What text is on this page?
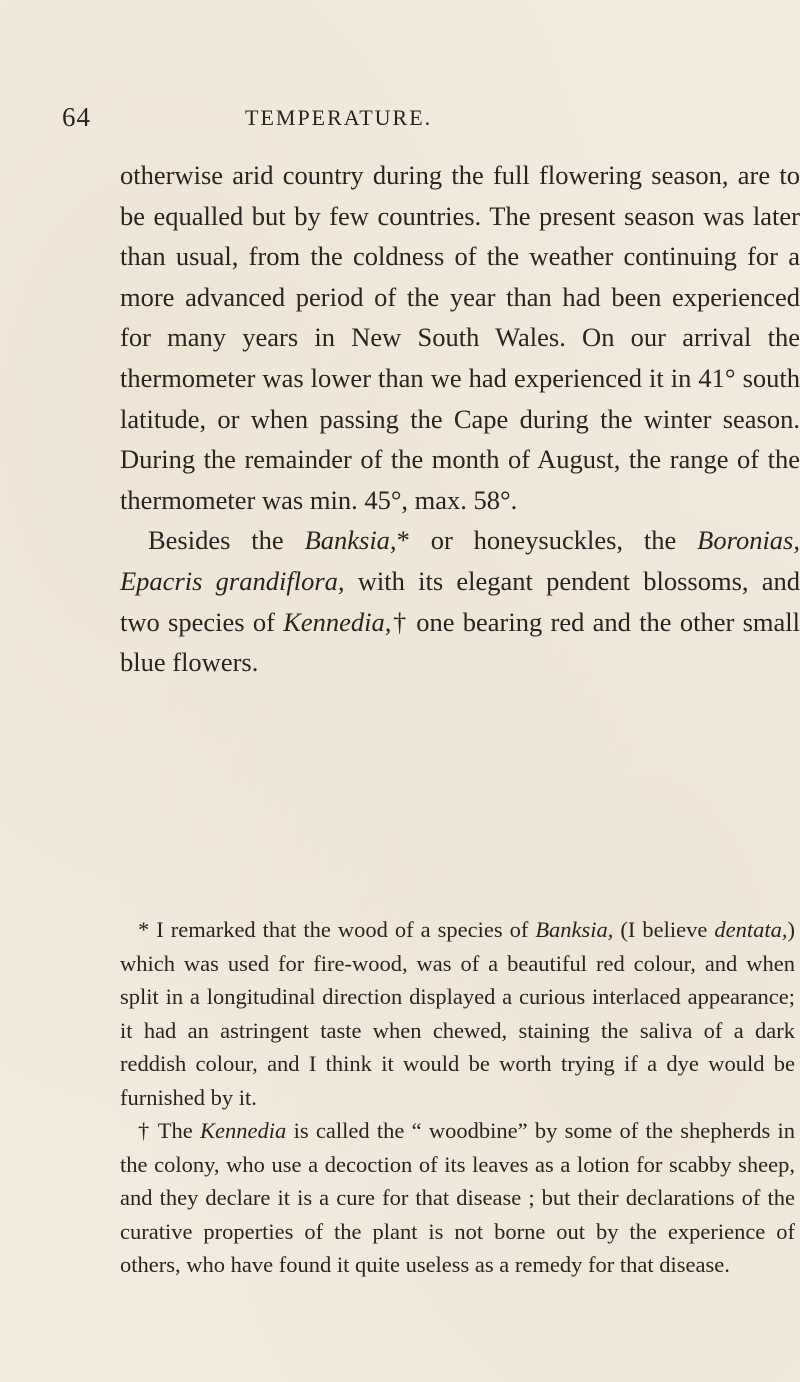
64	TEMPERATURE.

otherwise arid country during the full flowering season, are to be equalled but by few countries. The present season was later than usual, from the coldness of the weather continuing for a more advanced period of the year than had been experienced for many years in New South Wales. On our arrival the thermometer was lower than we had experienced it in 41° south latitude, or when passing the Cape during the winter season. During the remainder of the month of August, the range of the thermometer was min. 45°, max. 58°.

Besides the Banksia,* or honeysuckles, the Boronias, Epacris grandiflora, with its elegant pendent blossoms, and two species of Kennedia,† one bearing red and the other small blue flowers.

* I remarked that the wood of a species of Banksia, (I believe dentata,) which was used for fire-wood, was of a beautiful red colour, and when split in a longitudinal direction displayed a curious interlaced appearance; it had an astringent taste when chewed, staining the saliva of a dark reddish colour, and I think it would be worth trying if a dye would be furnished by it.

† The Kennedia is called the “ woodbine” by some of the shepherds in the colony, who use a decoction of its leaves as a lotion for scabby sheep, and they declare it is a cure for that disease ; but their declarations of the curative properties of the plant is not borne out by the experience of others, who have found it quite useless as a remedy for that disease.
